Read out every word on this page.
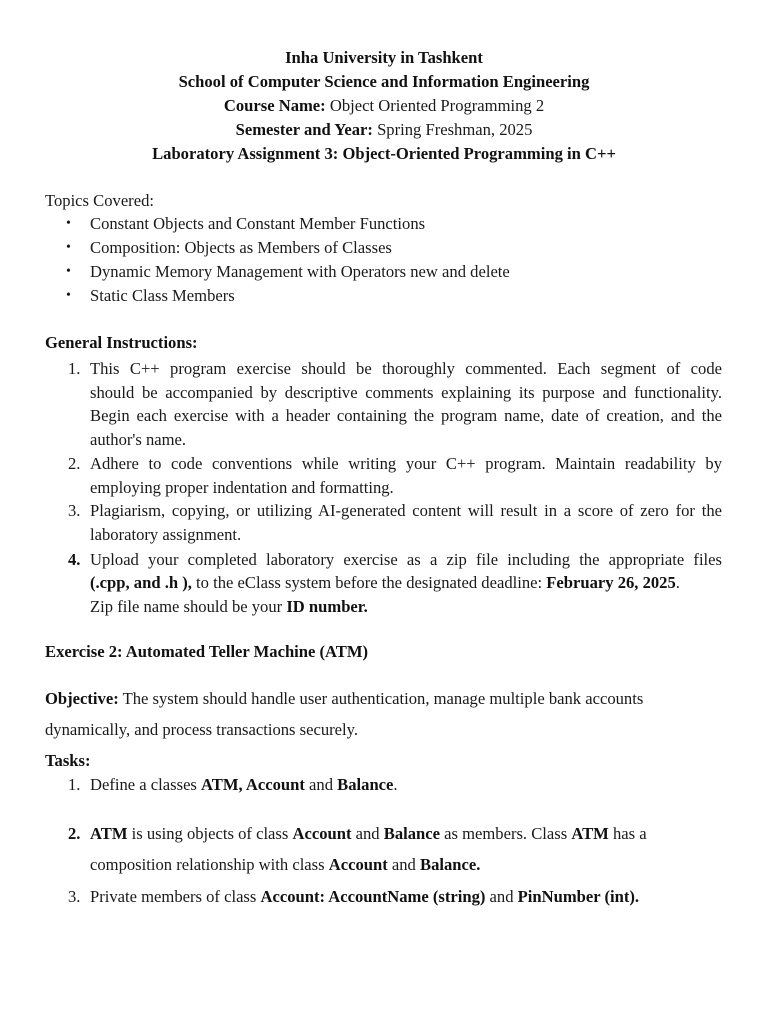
Inha University in Tashkent
School of Computer Science and Information Engineering
Course Name: Object Oriented Programming 2
Semester and Year: Spring Freshman, 2025
Laboratory Assignment 3: Object-Oriented Programming in C++
Topics Covered:
• Constant Objects and Constant Member Functions
• Composition: Objects as Members of Classes
• Dynamic Memory Management with Operators new and delete
• Static Class Members
General Instructions:
1. This C++ program exercise should be thoroughly commented. Each segment of code
should be accompanied by descriptive comments explaining its purpose and functionality.
Begin each exercise with a header containing the program name, date of creation, and the
author's name.
2. Adhere to code conventions while writing your C++ program. Maintain readability by
employing proper indentation and formatting.
3. Plagiarism, copying, or utilizing AI-generated content will result in a score of zero for the
laboratory assignment.
4. Upload your completed laboratory exercise as a zip file including the appropriate files
(.cpp, and .h ), to the eClass system before the designated deadline: February 26, 2025.
Zip file name should be your ID number.
Exercise 2: Automated Teller Machine (ATM)
Objective: The system should handle user authentication, manage multiple bank accounts
dynamically, and process transactions securely.
Tasks:
1. Define a classes ATM, Account and Balance.
2. ATM is using objects of class Account and Balance as members. Class ATM has a
composition relationship with class Account and Balance.
3. Private members of class Account: AccountName (string) and PinNumber (int).
